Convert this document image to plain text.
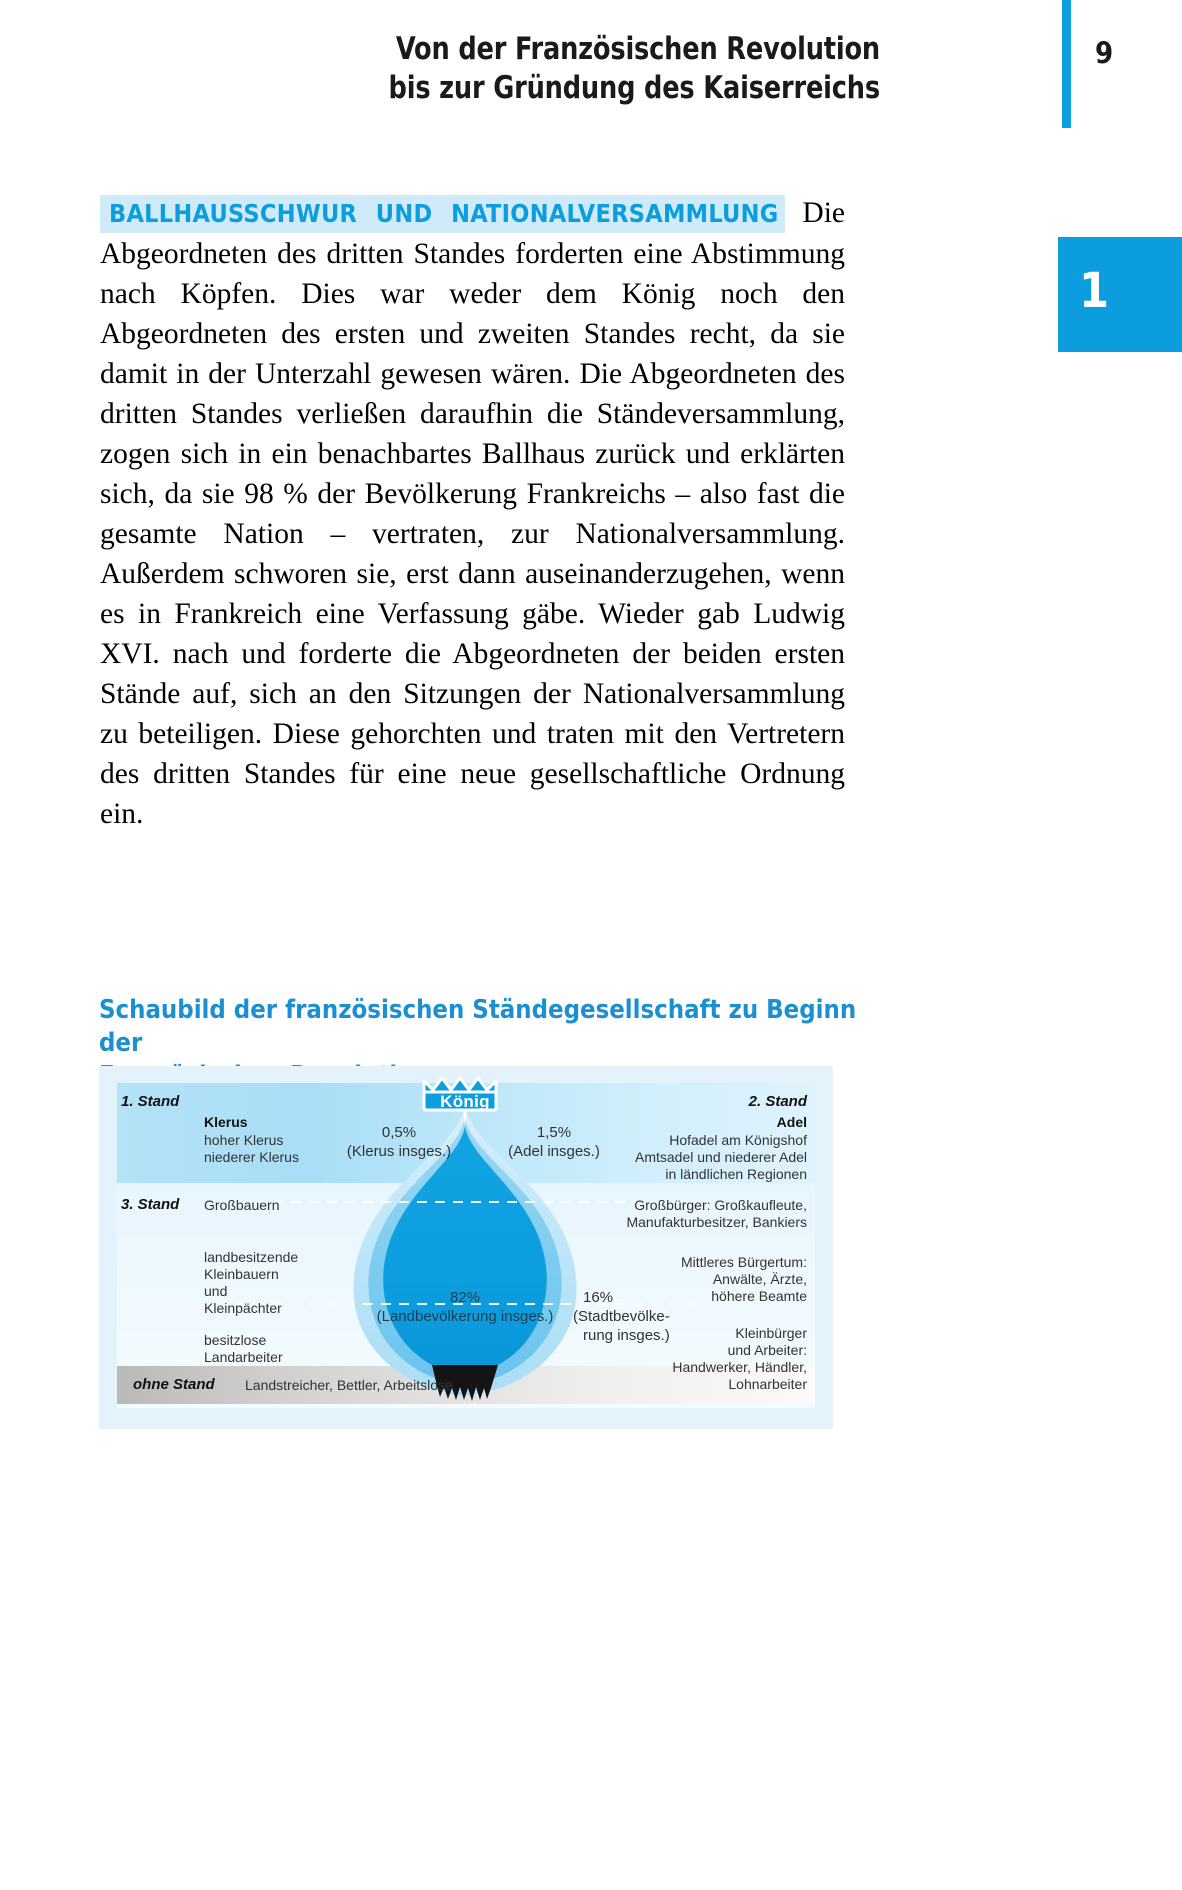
Von der Französischen Revolution
bis zur Gründung des Kaiserreichs
9
1

BALLHAUSSCHWUR UND NATIONALVERSAMMLUNG Die Abgeordneten des dritten Standes forderten eine Abstimmung nach Köpfen. Dies war weder dem König noch den Abgeordneten des ersten und zweiten Standes recht, da sie damit in der Unterzahl gewesen wären. Die Abgeordneten des dritten Standes verließen daraufhin die Ständeversammlung, zogen sich in ein benachbartes Ballhaus zurück und erklärten sich, da sie 98 % der Bevölkerung Frankreichs – also fast die gesamte Nation – vertraten, zur Nationalversammlung. Außerdem schworen sie, erst dann auseinanderzugehen, wenn es in Frankreich eine Verfassung gäbe. Wieder gab Ludwig XVI. nach und forderte die Abgeordneten der beiden ersten Stände auf, sich an den Sitzungen der Nationalversammlung zu beteiligen. Diese gehorchten und traten mit den Vertretern des dritten Standes für eine neue gesellschaftliche Ordnung ein.

Schaubild der französischen Ständegesellschaft zu Beginn der
König
1. Stand
Klerus
hoher Klerus
niederer Klerus
0,5%
(Klerus insges.)
2. Stand
Adel
Hofadel am Königshof
Amtsadel und niederer Adel
in ländlichen Regionen
1,5%
(Adel insges.)
3. Stand Großbauern
landbesitzende
Kleinbauern
und
Kleinpächter
besitzlose
Landarbeiter
82%
(Landbevölkerung insges.)
16%
(Stadtbevölke-
rung insges.)
Großbürger: Großkaufleute,
Manufakturbesitzer, Bankiers
Mittleres Bürgertum:
Anwälte, Ärzte,
höhere Beamte
Kleinbürger
und Arbeiter:
Handwerker, Händler,
Lohnarbeiter
ohne Stand Landstreicher, Bettler, Arbeitslose
